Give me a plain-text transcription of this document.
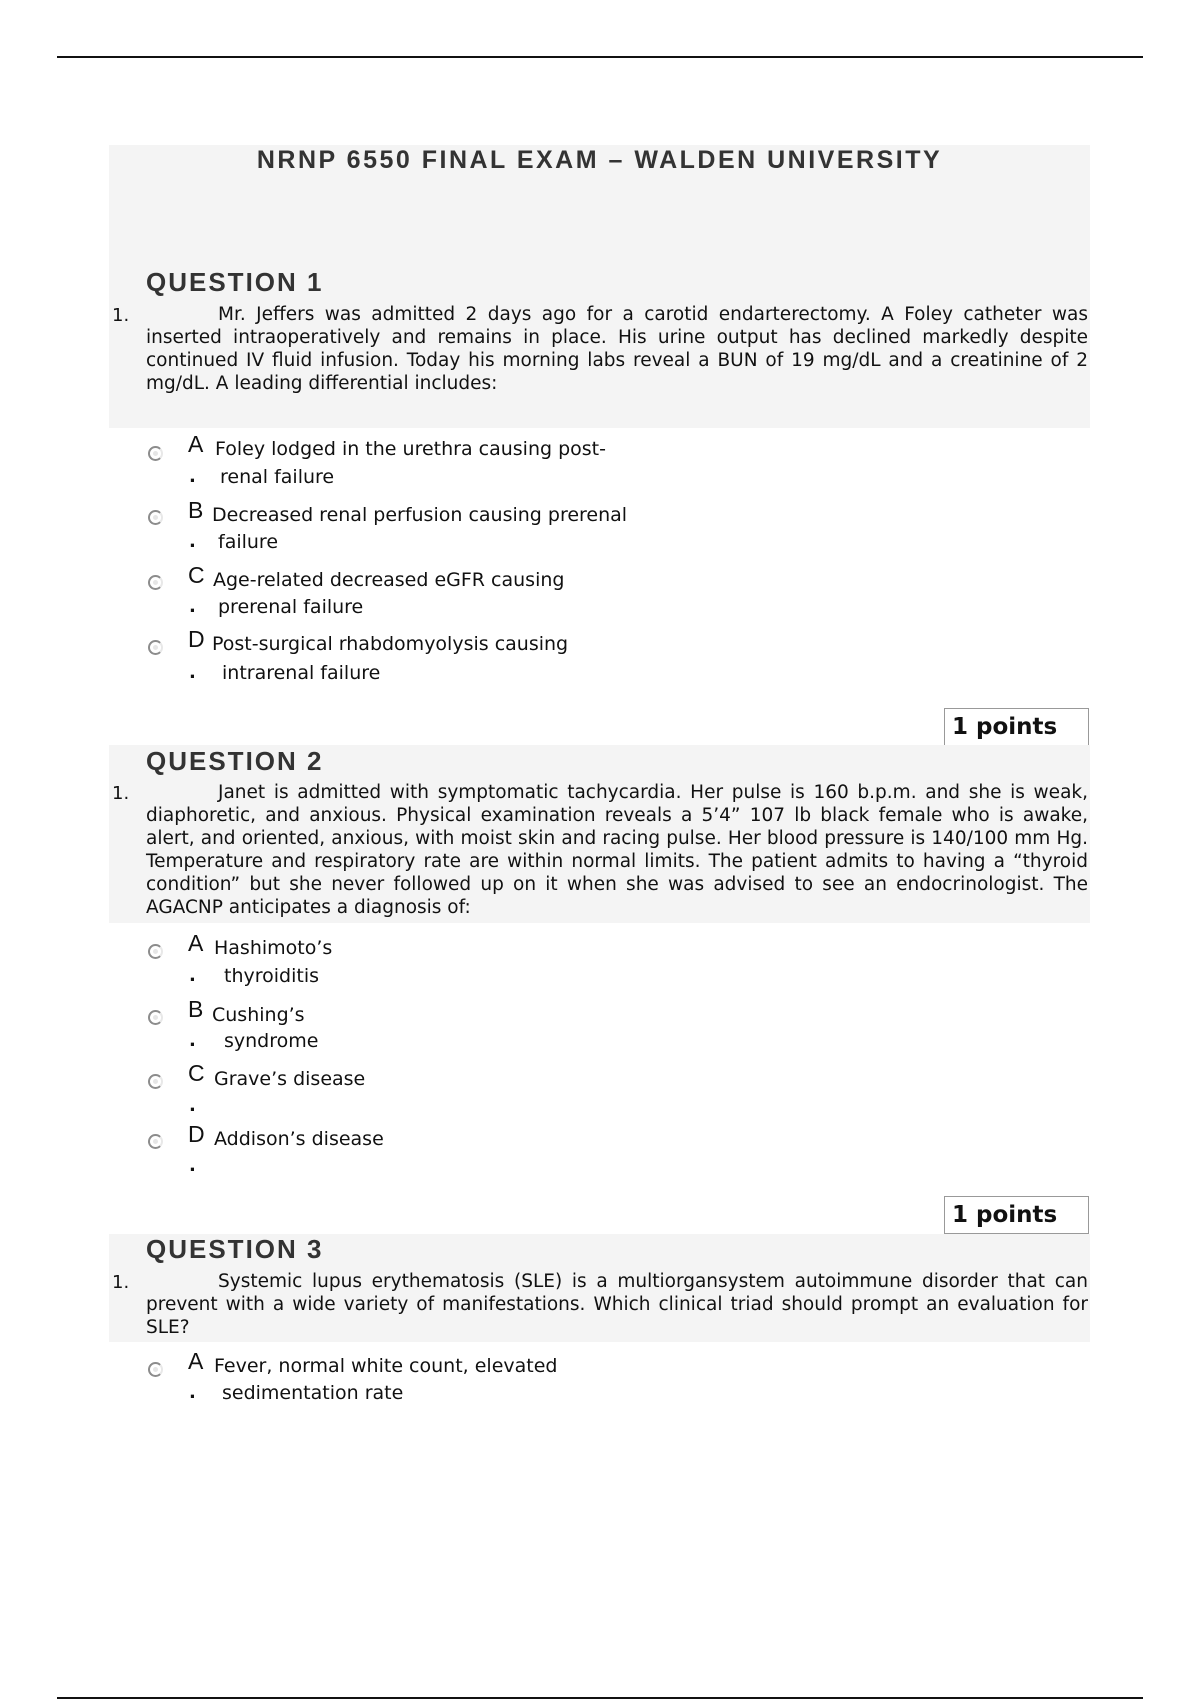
NRNP 6550 FINAL EXAM – WALDEN UNIVERSITY
QUESTION 1
1.	Mr. Jeffers was admitted 2 days ago for a carotid endarterectomy. A Foley catheter was inserted intraoperatively and remains in place. His urine output has declined markedly despite continued IV fluid infusion. Today his morning labs reveal a BUN of 19 mg/dL and a creatinine of 2 mg/dL. A leading differential includes:
A Foley lodged in the urethra causing post-
. renal failure
B Decreased renal perfusion causing prerenal
. failure
C Age-related decreased eGFR causing
. prerenal failure
D Post-surgical rhabdomyolysis causing
. intrarenal failure
1 points
QUESTION 2
1.	Janet is admitted with symptomatic tachycardia. Her pulse is 160 b.p.m. and she is weak, diaphoretic, and anxious. Physical examination reveals a 5’4” 107 lb black female who is awake, alert, and oriented, anxious, with moist skin and racing pulse. Her blood pressure is 140/100 mm Hg. Temperature and respiratory rate are within normal limits. The patient admits to having a “thyroid condition” but she never followed up on it when she was advised to see an endocrinologist. The AGACNP anticipates a diagnosis of:
A Hashimoto’s
. thyroiditis
B Cushing’s
. syndrome
C Grave’s disease
.
D Addison’s disease
.
1 points
QUESTION 3
1.	Systemic lupus erythematosis (SLE) is a multiorgansystem autoimmune disorder that can prevent with a wide variety of manifestations. Which clinical triad should prompt an evaluation for SLE?
A Fever, normal white count, elevated
. sedimentation rate
